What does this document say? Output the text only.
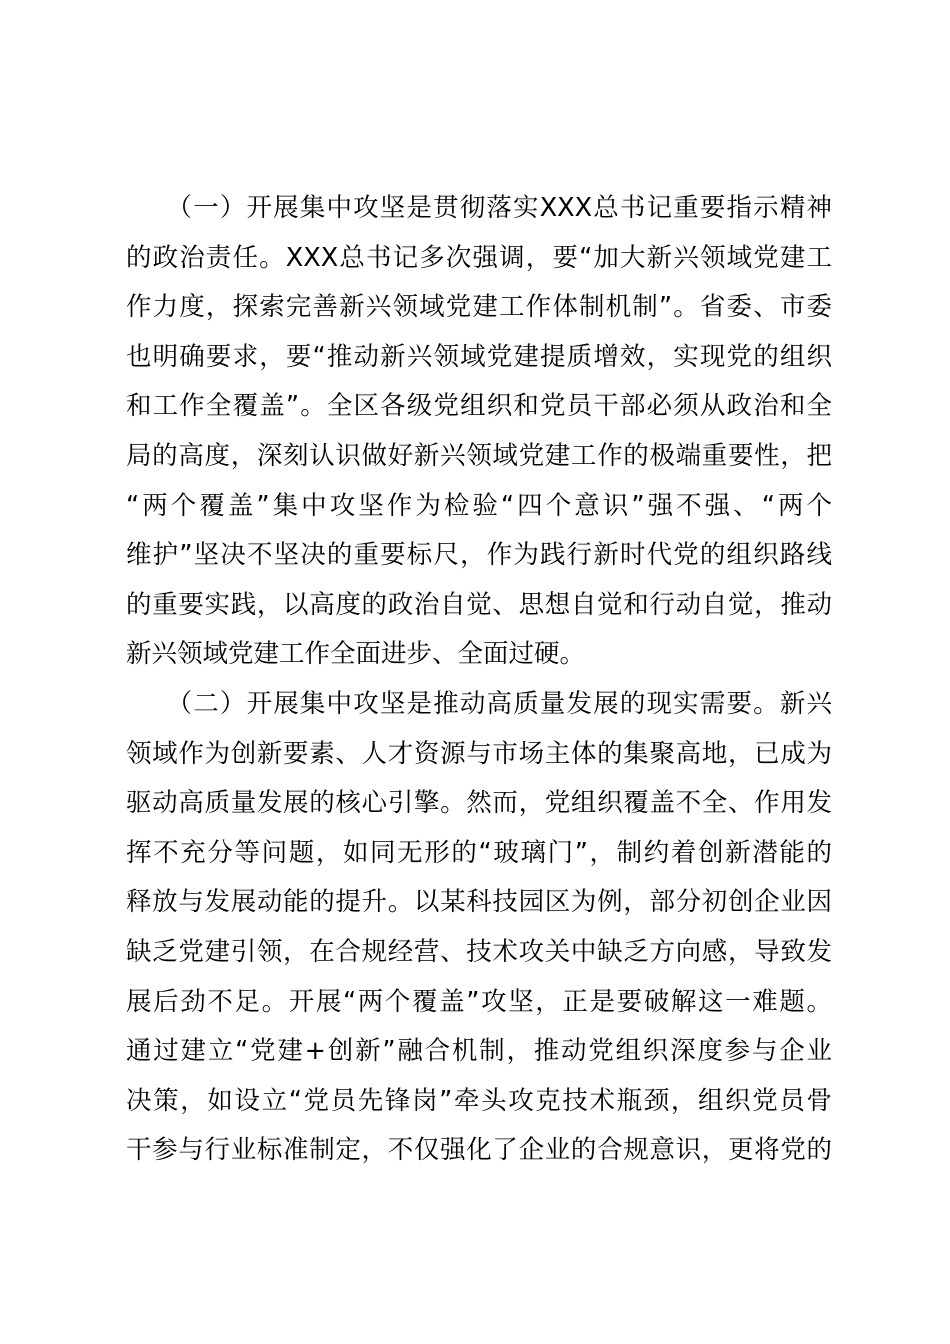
　　（一）开展集中攻坚是贯彻落实XXX总书记重要指示精神
的政治责任。XXX总书记多次强调，要“加大新兴领域党建工
作力度，探索完善新兴领域党建工作体制机制”。省委、市委
也明确要求，要“推动新兴领域党建提质增效，实现党的组织
和工作全覆盖”。全区各级党组织和党员干部必须从政治和全
局的高度，深刻认识做好新兴领域党建工作的极端重要性，把
“两个覆盖”集中攻坚作为检验“四个意识”强不强、“两个
维护”坚决不坚决的重要标尺，作为践行新时代党的组织路线
的重要实践，以高度的政治自觉、思想自觉和行动自觉，推动
新兴领域党建工作全面进步、全面过硬。
　　（二）开展集中攻坚是推动高质量发展的现实需要。新兴
领域作为创新要素、人才资源与市场主体的集聚高地，已成为
驱动高质量发展的核心引擎。然而，党组织覆盖不全、作用发
挥不充分等问题，如同无形的“玻璃门”，制约着创新潜能的
释放与发展动能的提升。以某科技园区为例，部分初创企业因
缺乏党建引领，在合规经营、技术攻关中缺乏方向感，导致发
展后劲不足。开展“两个覆盖”攻坚，正是要破解这一难题。
通过建立“党建+创新”融合机制，推动党组织深度参与企业
决策，如设立“党员先锋岗”牵头攻克技术瓶颈，组织党员骨
干参与行业标准制定，不仅强化了企业的合规意识，更将党的
